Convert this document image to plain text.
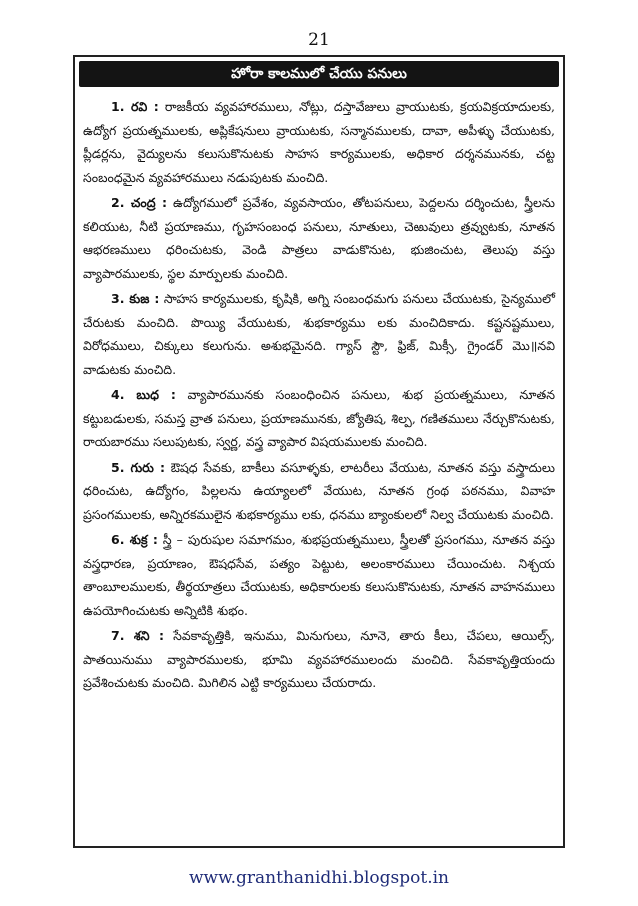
21
హోరా కాలములో చేయు పనులు

1. రవి : రాజకీయ వ్యవహారములు, నోట్లు, దస్తావేజులు వ్రాయుటకు, క్రయవిక్రయాదులకు, ఉద్యోగ ప్రయత్నములకు, అప్లికేషనులు వ్రాయుటకు, సన్మానములకు, దావా, అపీళ్ళు చేయుటకు, ప్లీడర్లను, వైద్యులను కలుసుకొనుటకు సాహస కార్యములకు, అధికార దర్శనమునకు, చట్ట సంబంధమైన వ్యవహారములు నడుపుటకు మంచిది.

2. చంద్ర : ఉద్యోగములో ప్రవేశం, వ్యవసాయం, తోటపనులు, పెద్దలను దర్శించుట, స్త్రీలను కలియుట, నీటి ప్రయాణము, గృహసంబంధ పనులు, నూతులు, చెఱువులు త్రవ్వుటకు, నూతన ఆభరణములు ధరించుటకు, వెండి పాత్రలు వాడుకొనుట, భుజించుట, తెలుపు వస్తు వ్యాపారములకు, స్థల మార్పులకు మంచిది.

3. కుజ : సాహస కార్యములకు, కృషికి, అగ్ని సంబంధమగు పనులు చేయుటకు, సైన్యములో చేరుటకు మంచిది. పొయ్యి వేయుటకు, శుభకార్యము లకు మంచిదికాదు. కష్టనష్టములు, విరోధములు, చిక్కులు కలుగును. అశుభమైనది. గ్యాస్ స్టౌ, ఫ్రిజ్, మిక్సీ, గ్రైండర్ మొ॥నవి వాడుటకు మంచిది.

4. బుధ : వ్యాపారమునకు సంబంధించిన పనులు, శుభ ప్రయత్నములు, నూతన కట్టుబడులకు, సమస్త వ్రాత పనులు, ప్రయాణమునకు, జ్యోతిష, శిల్ప, గణితములు నేర్చుకొనుటకు, రాయబారము సలుపుటకు, స్వర్ణ, వస్త్ర వ్యాపార విషయములకు మంచిది.

5. గురు : ఔషధ సేవకు, బాకీలు వసూళ్ళకు, లాటరీలు వేయుట, నూతన వస్తు వస్త్రాదులు ధరించుట, ఉద్యోగం, పిల్లలను ఉయ్యాలలో వేయుట, నూతన గ్రంథ పఠనము, వివాహ ప్రసంగములకు, అన్నిరకములైన శుభకార్యము లకు, ధనము బ్యాంకులలో నిల్వ చేయుటకు మంచిది.

6. శుక్ర : స్త్రీ – పురుషుల సమాగమం, శుభప్రయత్నములు, స్త్రీలతో ప్రసంగము, నూతన వస్తు వస్త్రధారణ, ప్రయాణం, ఔషధసేవ, పత్యం పెట్టుట, అలంకారములు చేయించుట. నిశ్చయ తాంబూలములకు, తీర్థయాత్రలు చేయుటకు, అధికారులకు కలుసుకొనుటకు, నూతన వాహనములు ఉపయోగించుటకు అన్నిటికి శుభం.

7. శని : సేవకావృత్తికి, ఇనుము, మినుగులు, నూనె, తారు కీలు, చేపలు, ఆయిల్స్, పాతయినుము వ్యాపారములకు, భూమి వ్యవహారములందు మంచిది. సేవకావృత్తియందు ప్రవేశించుటకు మంచిది. మిగిలిన ఎట్టి కార్యములు చేయరాదు.

www.granthanidhi.blogspot.in
